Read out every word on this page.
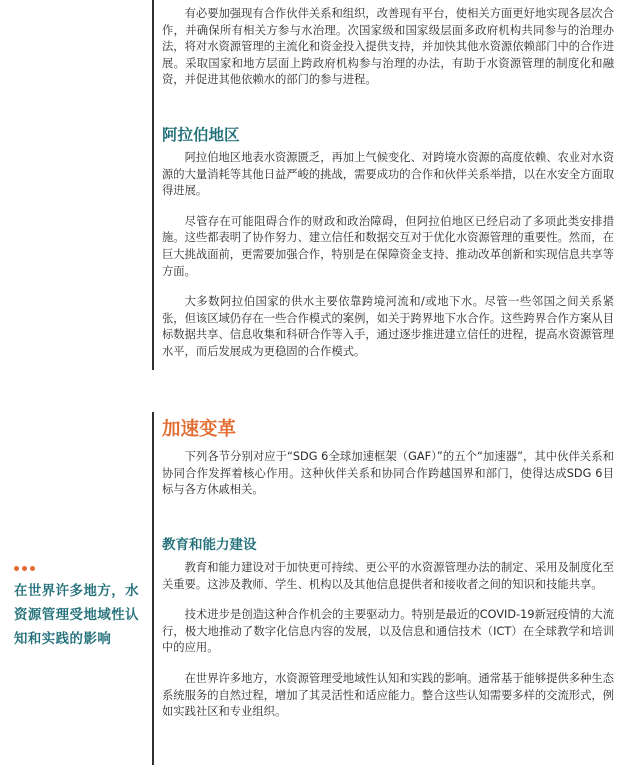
有必要加强现有合作伙伴关系和组织，改善现有平台，使相关方面更好地实现各层次合作，并确保所有相关方参与水治理。次国家级和国家级层面多政府机构共同参与的治理办法，将对水资源管理的主流化和资金投入提供支持，并加快其他水资源依赖部门中的合作进展。采取国家和地方层面上跨政府机构参与治理的办法，有助于水资源管理的制度化和融资，并促进其他依赖水的部门的参与进程。

阿拉伯地区

阿拉伯地区地表水资源匮乏，再加上气候变化、对跨境水资源的高度依赖、农业对水资源的大量消耗等其他日益严峻的挑战，需要成功的合作和伙伴关系举措，以在水安全方面取得进展。

尽管存在可能阻碍合作的财政和政治障碍，但阿拉伯地区已经启动了多项此类安排措施。这些都表明了协作努力、建立信任和数据交互对于优化水资源管理的重要性。然而，在巨大挑战面前，更需要加强合作，特别是在保障资金支持、推动改革创新和实现信息共享等方面。

大多数阿拉伯国家的供水主要依靠跨境河流和/或地下水。尽管一些邻国之间关系紧张，但该区域仍存在一些合作模式的案例，如关于跨界地下水合作。这些跨界合作方案从目标数据共享、信息收集和科研合作等入手，通过逐步推进建立信任的进程，提高水资源管理水平，而后发展成为更稳固的合作模式。

加速变革

下列各节分别对应于“SDG 6全球加速框架（GAF）”的五个“加速器”，其中伙伴关系和协同合作发挥着核心作用。这种伙伴关系和协同合作跨越国界和部门，使得达成SDG 6目标与各方休戚相关。

教育和能力建设

教育和能力建设对于加快更可持续、更公平的水资源管理办法的制定、采用及制度化至关重要。这涉及教师、学生、机构以及其他信息提供者和接收者之间的知识和技能共享。

技术进步是创造这种合作机会的主要驱动力。特别是最近的COVID-19新冠疫情的大流行，极大地推动了数字化信息内容的发展，以及信息和通信技术（ICT）在全球教学和培训中的应用。

在世界许多地方，水资源管理受地域性认知和实践的影响。通常基于能够提供多种生态系统服务的自然过程，增加了其灵活性和适应能力。整合这些认知需要多样的交流形式，例如实践社区和专业组织。

在世界许多地方，水资源管理受地域性认知和实践的影响
